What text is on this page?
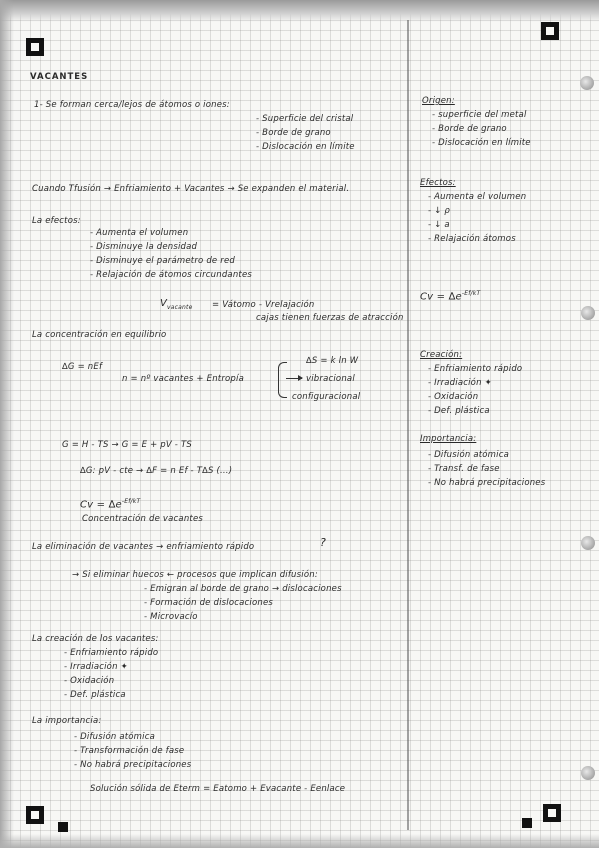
VACANTES
1- Se forman cerca/lejos de átomos o iones:
- Superficie del cristal
- Borde de grano
- Dislocación en límite
Cuando Tfusión → Enfriamiento + Vacantes → Se expanden el material.
La efectos:
- Aumenta el volumen
- Disminuye la densidad
- Disminuye el parámetro de red
- Relajación de átomos circundantes
$V_{vacante}$ = Vátomo - Vrelajación
cajas tienen fuerzas de atracción
La concentración en equilibrio
∆G = nEf
n = nº vacantes + Entropía
∆S = k ln W
vibracional
configuracional
G = H - TS → G = E + pV - TS
∆G: pV - cte → ∆F = n Ef - T∆S (...)
$Cv = \Delta e^{-Ef/kT}$
Concentración de vacantes
La eliminación de vacantes → enfriamiento rápido	?
→ Si eliminar huecos ← procesos que implican difusión:
- Emigran al borde de grano → dislocaciones
- Formación de dislocaciones
- Microvacío
La creación de los vacantes:
- Enfriamiento rápido
- Irradiación ✦
- Oxidación
- Def. plástica
La importancia:
- Difusión atómica
- Transformación de fase
- No habrá precipitaciones
Solución sólida de Eterm = Eatomo + Evacante - Eenlace
Origen:
- superficie del metal
- Borde de grano
- Dislocación en límite
Efectos:
- Aumenta el volumen
- ↓ ρ
- ↓ a
- Relajación átomos
$Cv = \Delta e^{-Ef/kT}$
Creación:
- Enfriamiento rápido
- Irradiación ✦
- Oxidación
- Def. plástica
Importancia:
- Difusión atómica
- Transf. de fase
- No habrá precipitaciones
